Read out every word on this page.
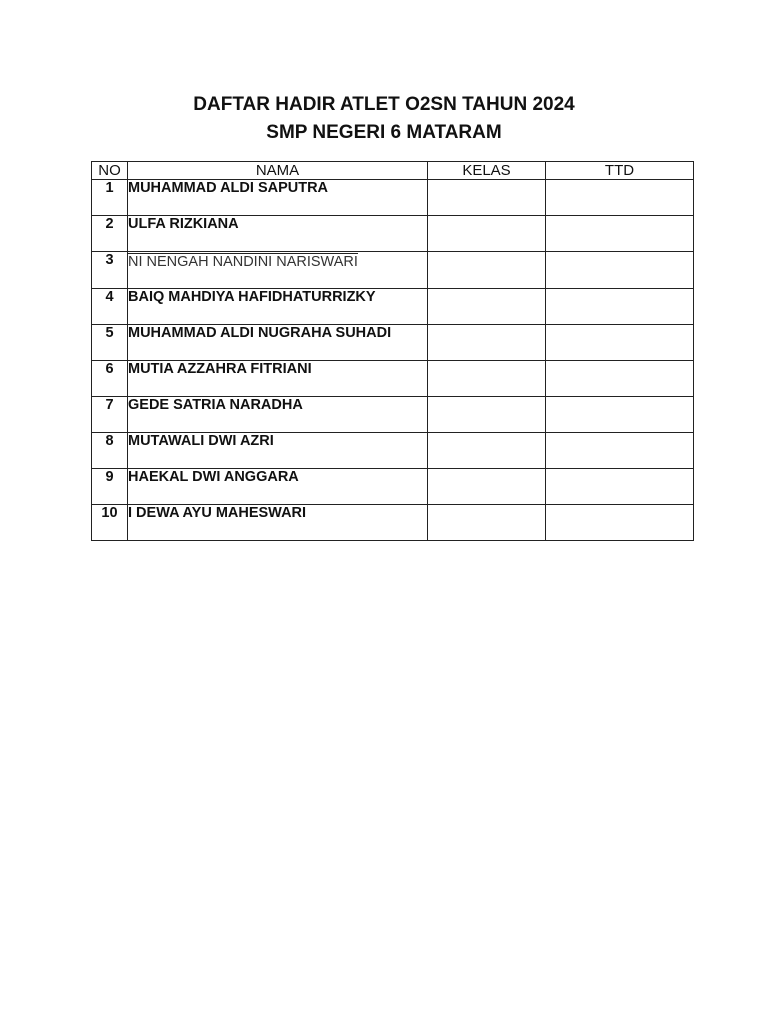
DAFTAR HADIR ATLET O2SN TAHUN 2024
SMP NEGERI 6 MATARAM
NO	NAMA	KELAS	TTD
1	MUHAMMAD ALDI SAPUTRA		
2	ULFA RIZKIANA		
3	NI NENGAH NANDINI NARISWARI		
4	BAIQ MAHDIYA HAFIDHATURRIZKY		
5	MUHAMMAD ALDI NUGRAHA SUHADI		
6	MUTIA AZZAHRA FITRIANI		
7	GEDE SATRIA NARADHA		
8	MUTAWALI DWI AZRI		
9	HAEKAL DWI ANGGARA		
10	I DEWA AYU MAHESWARI		
